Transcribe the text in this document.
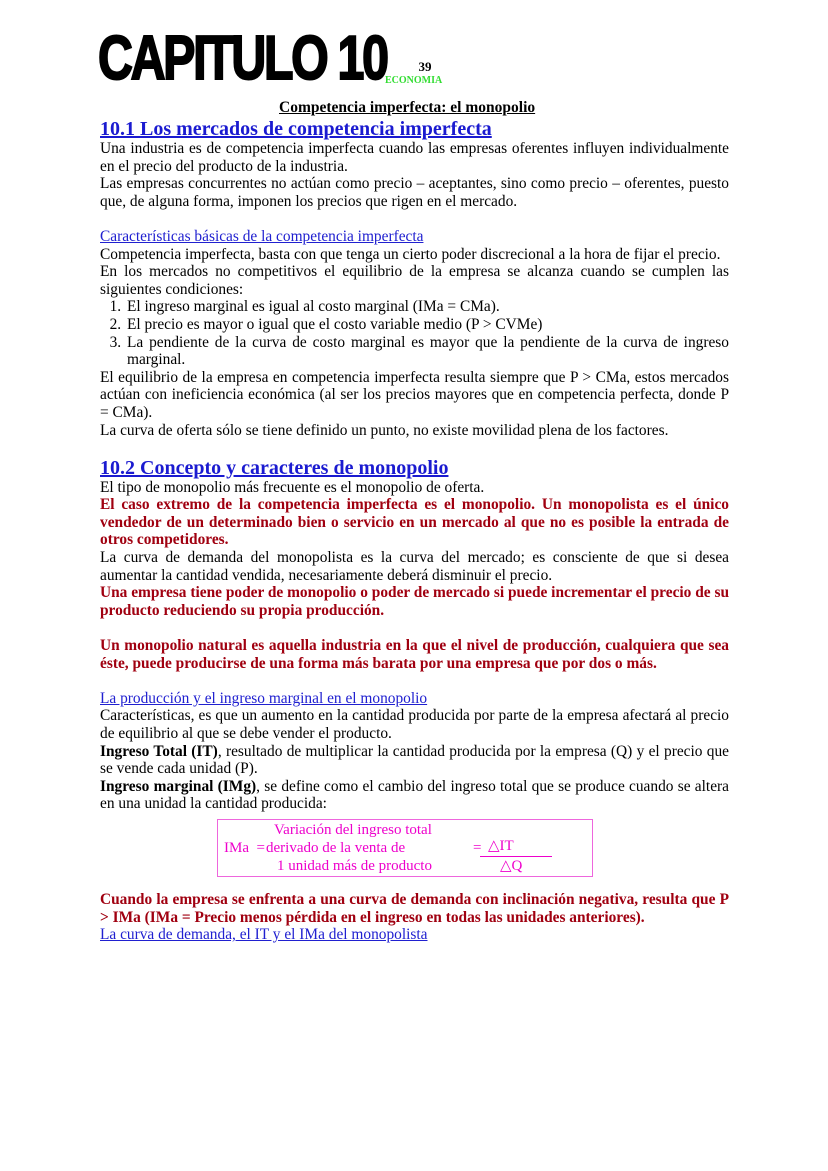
CAPITULO 10	39
ECONOMIA
Competencia imperfecta: el monopolio
10.1 Los mercados de competencia imperfecta

Una industria es de competencia imperfecta cuando las empresas oferentes influyen individualmente en el precio del producto de la industria.

Las empresas concurrentes no actúan como precio – aceptantes, sino como precio – oferentes, puesto que, de alguna forma, imponen los precios que rigen en el mercado.

Características básicas de la competencia imperfecta

Competencia imperfecta, basta con que tenga un cierto poder discrecional a la hora de fijar el precio.

En los mercados no competitivos el equilibrio de la empresa se alcanza cuando se cumplen las siguientes condiciones:

1. El ingreso marginal es igual al costo marginal (IMa = CMa).
2. El precio es mayor o igual que el costo variable medio (P > CVMe)
3. La pendiente de la curva de costo marginal es mayor que la pendiente de la curva de ingreso marginal.

El equilibrio de la empresa en competencia imperfecta resulta siempre que P > CMa, estos mercados actúan con ineficiencia económica (al ser los precios mayores que en competencia perfecta, donde P = CMa).

La curva de oferta sólo se tiene definido un punto, no existe movilidad plena de los factores.

10.2 Concepto y caracteres de monopolio

El tipo de monopolio más frecuente es el monopolio de oferta.

El caso extremo de la competencia imperfecta es el monopolio. Un monopolista es el único vendedor de un determinado bien o servicio en un mercado al que no es posible la entrada de otros competidores.

La curva de demanda del monopolista es la curva del mercado; es consciente de que si desea aumentar la cantidad vendida, necesariamente deberá disminuir el precio.

Una empresa tiene poder de monopolio o poder de mercado si puede incrementar el precio de su producto reduciendo su propia producción.

Un monopolio natural es aquella industria en la que el nivel de producción, cualquiera que sea éste, puede producirse de una forma más barata por una empresa que por dos o más.

La producción y el ingreso marginal en el monopolio

Características, es que un aumento en la cantidad producida por parte de la empresa afectará al precio de equilibrio al que se debe vender el producto.

Ingreso Total (IT), resultado de multiplicar la cantidad producida por la empresa (Q) y el precio que se vende cada unidad (P).

Ingreso marginal (IMg), se define como el cambio del ingreso total que se produce cuando se altera en una unidad la cantidad producida:

IMa  =
Variación del ingreso total
derivado de la venta de
1 unidad más de producto
= △IT
△Q

Cuando la empresa se enfrenta a una curva de demanda con inclinación negativa, resulta que P > IMa (IMa = Precio menos pérdida en el ingreso en todas las unidades anteriores).

La curva de demanda, el IT y el IMa del monopolista
